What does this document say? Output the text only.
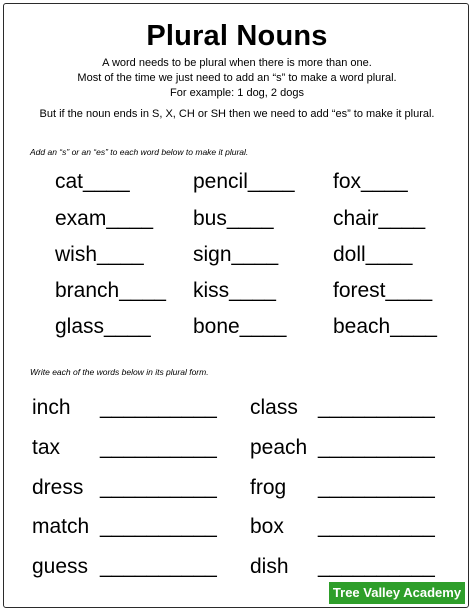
Plural Nouns
A word needs to be plural when there is more than one.
Most of the time we just need to add an “s” to make a word plural.
For example: 1 dog, 2 dogs
But if the noun ends in S, X, CH or SH then we need to add “es” to make it plural.
Add an “s” or an “es” to each word below to make it plural.
cat____
exam____
wish____
branch____
glass____
pencil____
bus____
sign____
kiss____
bone____
fox____
chair____
doll____
forest____
beach____
Write each of the words below in its plural form.
inch
tax
dress
match
guess
__________
__________
__________
__________
__________
class
peach
frog
box
dish
__________
__________
__________
__________
__________
Tree Valley Academy
